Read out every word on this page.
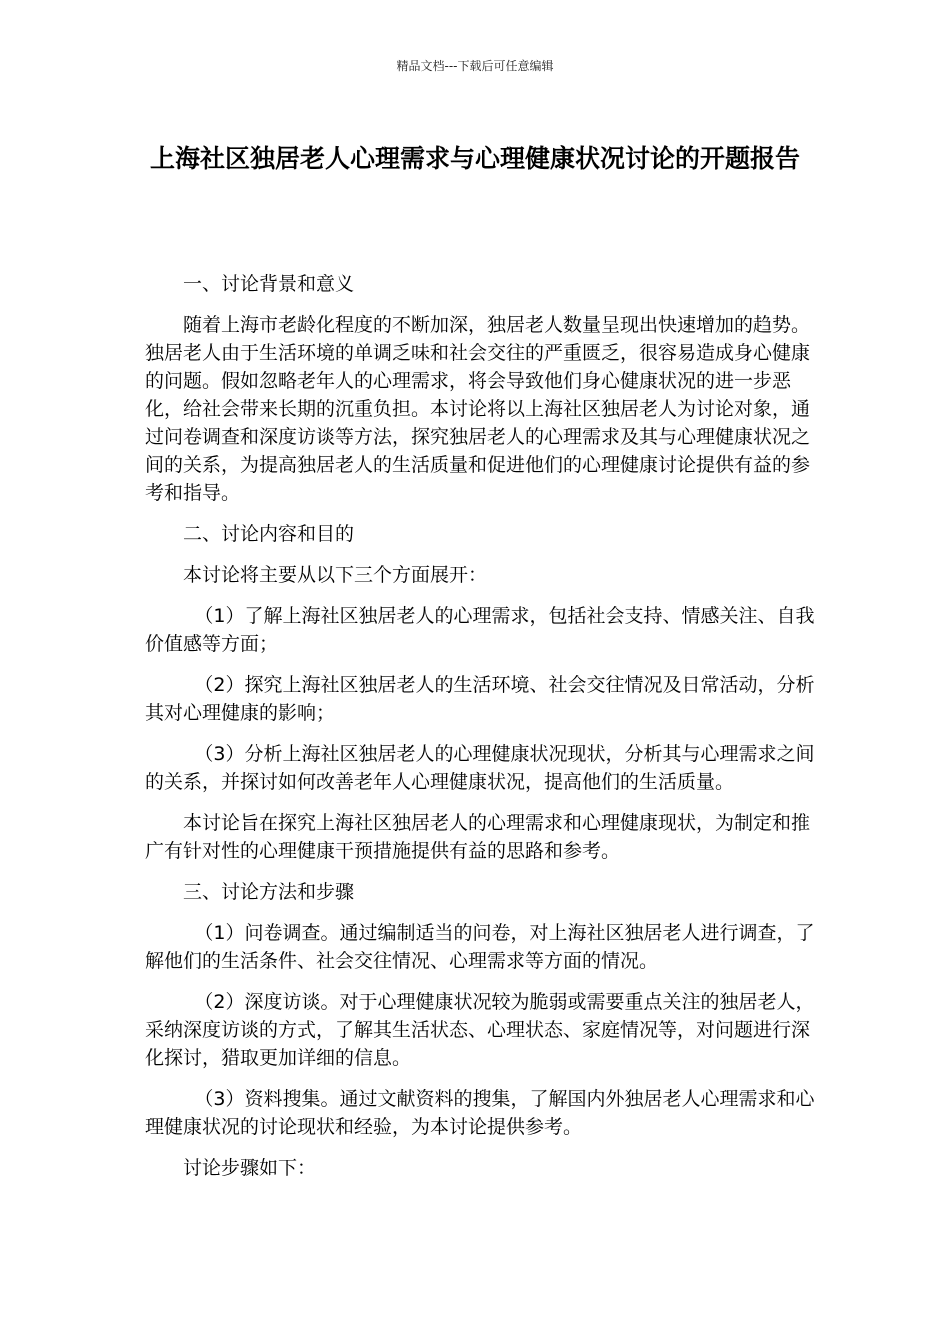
精品文档---下载后可任意编辑
上海社区独居老人心理需求与心理健康状况讨论的开题报告

一、讨论背景和意义

随着上海市老龄化程度的不断加深，独居老人数量呈现出快速增加的趋势。独居老人由于生活环境的单调乏味和社会交往的严重匮乏，很容易造成身心健康的问题。假如忽略老年人的心理需求，将会导致他们身心健康状况的进一步恶化，给社会带来长期的沉重负担。本讨论将以上海社区独居老人为讨论对象，通过问卷调查和深度访谈等方法，探究独居老人的心理需求及其与心理健康状况之间的关系，为提高独居老人的生活质量和促进他们的心理健康讨论提供有益的参考和指导。

二、讨论内容和目的

本讨论将主要从以下三个方面展开：

（1）了解上海社区独居老人的心理需求，包括社会支持、情感关注、自我价值感等方面；

（2）探究上海社区独居老人的生活环境、社会交往情况及日常活动，分析其对心理健康的影响；

（3）分析上海社区独居老人的心理健康状况现状，分析其与心理需求之间的关系，并探讨如何改善老年人心理健康状况，提高他们的生活质量。

本讨论旨在探究上海社区独居老人的心理需求和心理健康现状，为制定和推广有针对性的心理健康干预措施提供有益的思路和参考。

三、讨论方法和步骤

（1）问卷调查。通过编制适当的问卷，对上海社区独居老人进行调查，了解他们的生活条件、社会交往情况、心理需求等方面的情况。

（2）深度访谈。对于心理健康状况较为脆弱或需要重点关注的独居老人，采纳深度访谈的方式，了解其生活状态、心理状态、家庭情况等，对问题进行深化探讨，猎取更加详细的信息。

（3）资料搜集。通过文献资料的搜集，了解国内外独居老人心理需求和心理健康状况的讨论现状和经验，为本讨论提供参考。

讨论步骤如下：
